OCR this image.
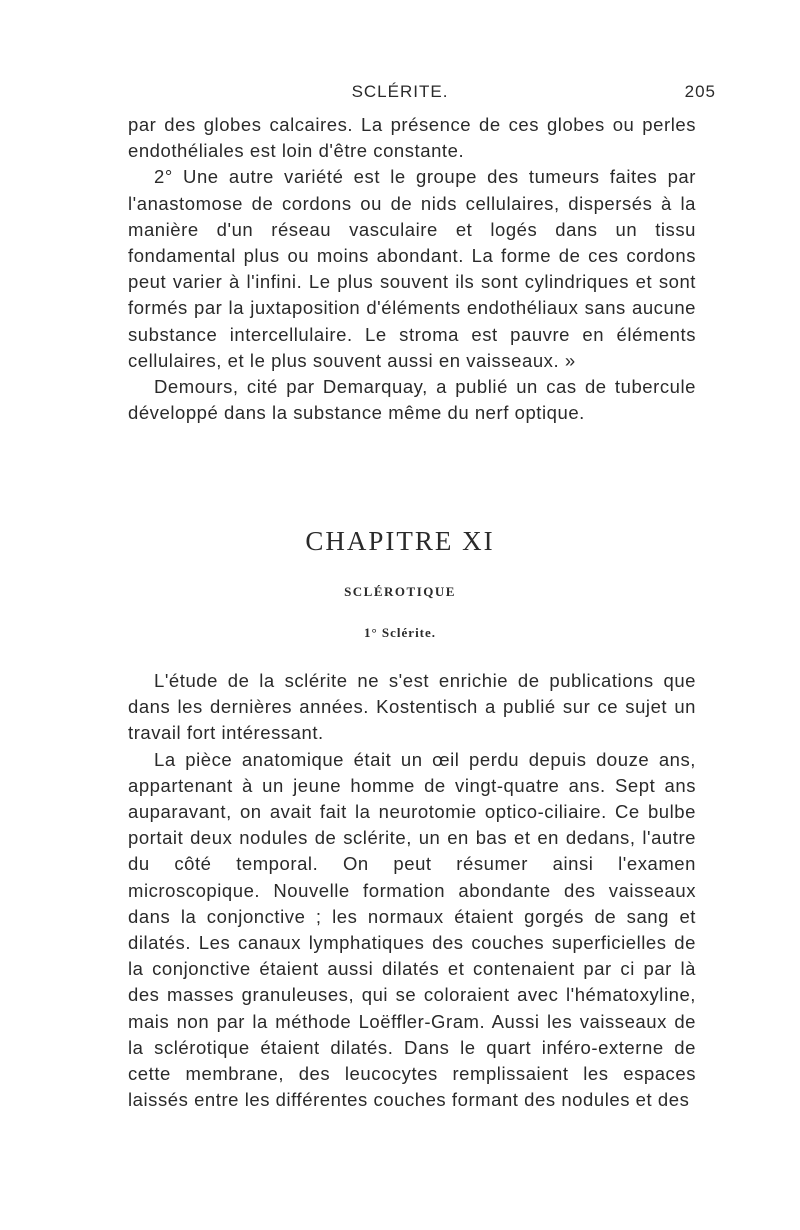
SCLÉRITE.	205

par des globes calcaires. La présence de ces globes ou perles endothéliales est loin d'être constante.

2° Une autre variété est le groupe des tumeurs faites par l'anastomose de cordons ou de nids cellulaires, dispersés à la manière d'un réseau vasculaire et logés dans un tissu fondamental plus ou moins abondant. La forme de ces cordons peut varier à l'infini. Le plus souvent ils sont cylindriques et sont formés par la juxtaposition d'éléments endothéliaux sans aucune substance intercellulaire. Le stroma est pauvre en éléments cellulaires, et le plus souvent aussi en vaisseaux. »

Demours, cité par Demarquay, a publié un cas de tubercule développé dans la substance même du nerf optique.

CHAPITRE XI
SCLÉROTIQUE
1° Sclérite.

L'étude de la sclérite ne s'est enrichie de publications que dans les dernières années. Kostentisch a publié sur ce sujet un travail fort intéressant.

La pièce anatomique était un œil perdu depuis douze ans, appartenant à un jeune homme de vingt-quatre ans. Sept ans auparavant, on avait fait la neurotomie optico-ciliaire. Ce bulbe portait deux nodules de sclérite, un en bas et en dedans, l'autre du côté temporal. On peut résumer ainsi l'examen microscopique. Nouvelle formation abondante des vaisseaux dans la conjonctive ; les normaux étaient gorgés de sang et dilatés. Les canaux lymphatiques des couches superficielles de la conjonctive étaient aussi dilatés et contenaient par ci par là des masses granuleuses, qui se coloraient avec l'hématoxyline, mais non par la méthode Loëffler-Gram. Aussi les vaisseaux de la sclérotique étaient dilatés. Dans le quart inféro-externe de cette membrane, des leucocytes remplissaient les espaces laissés entre les différentes couches formant des nodules et des
